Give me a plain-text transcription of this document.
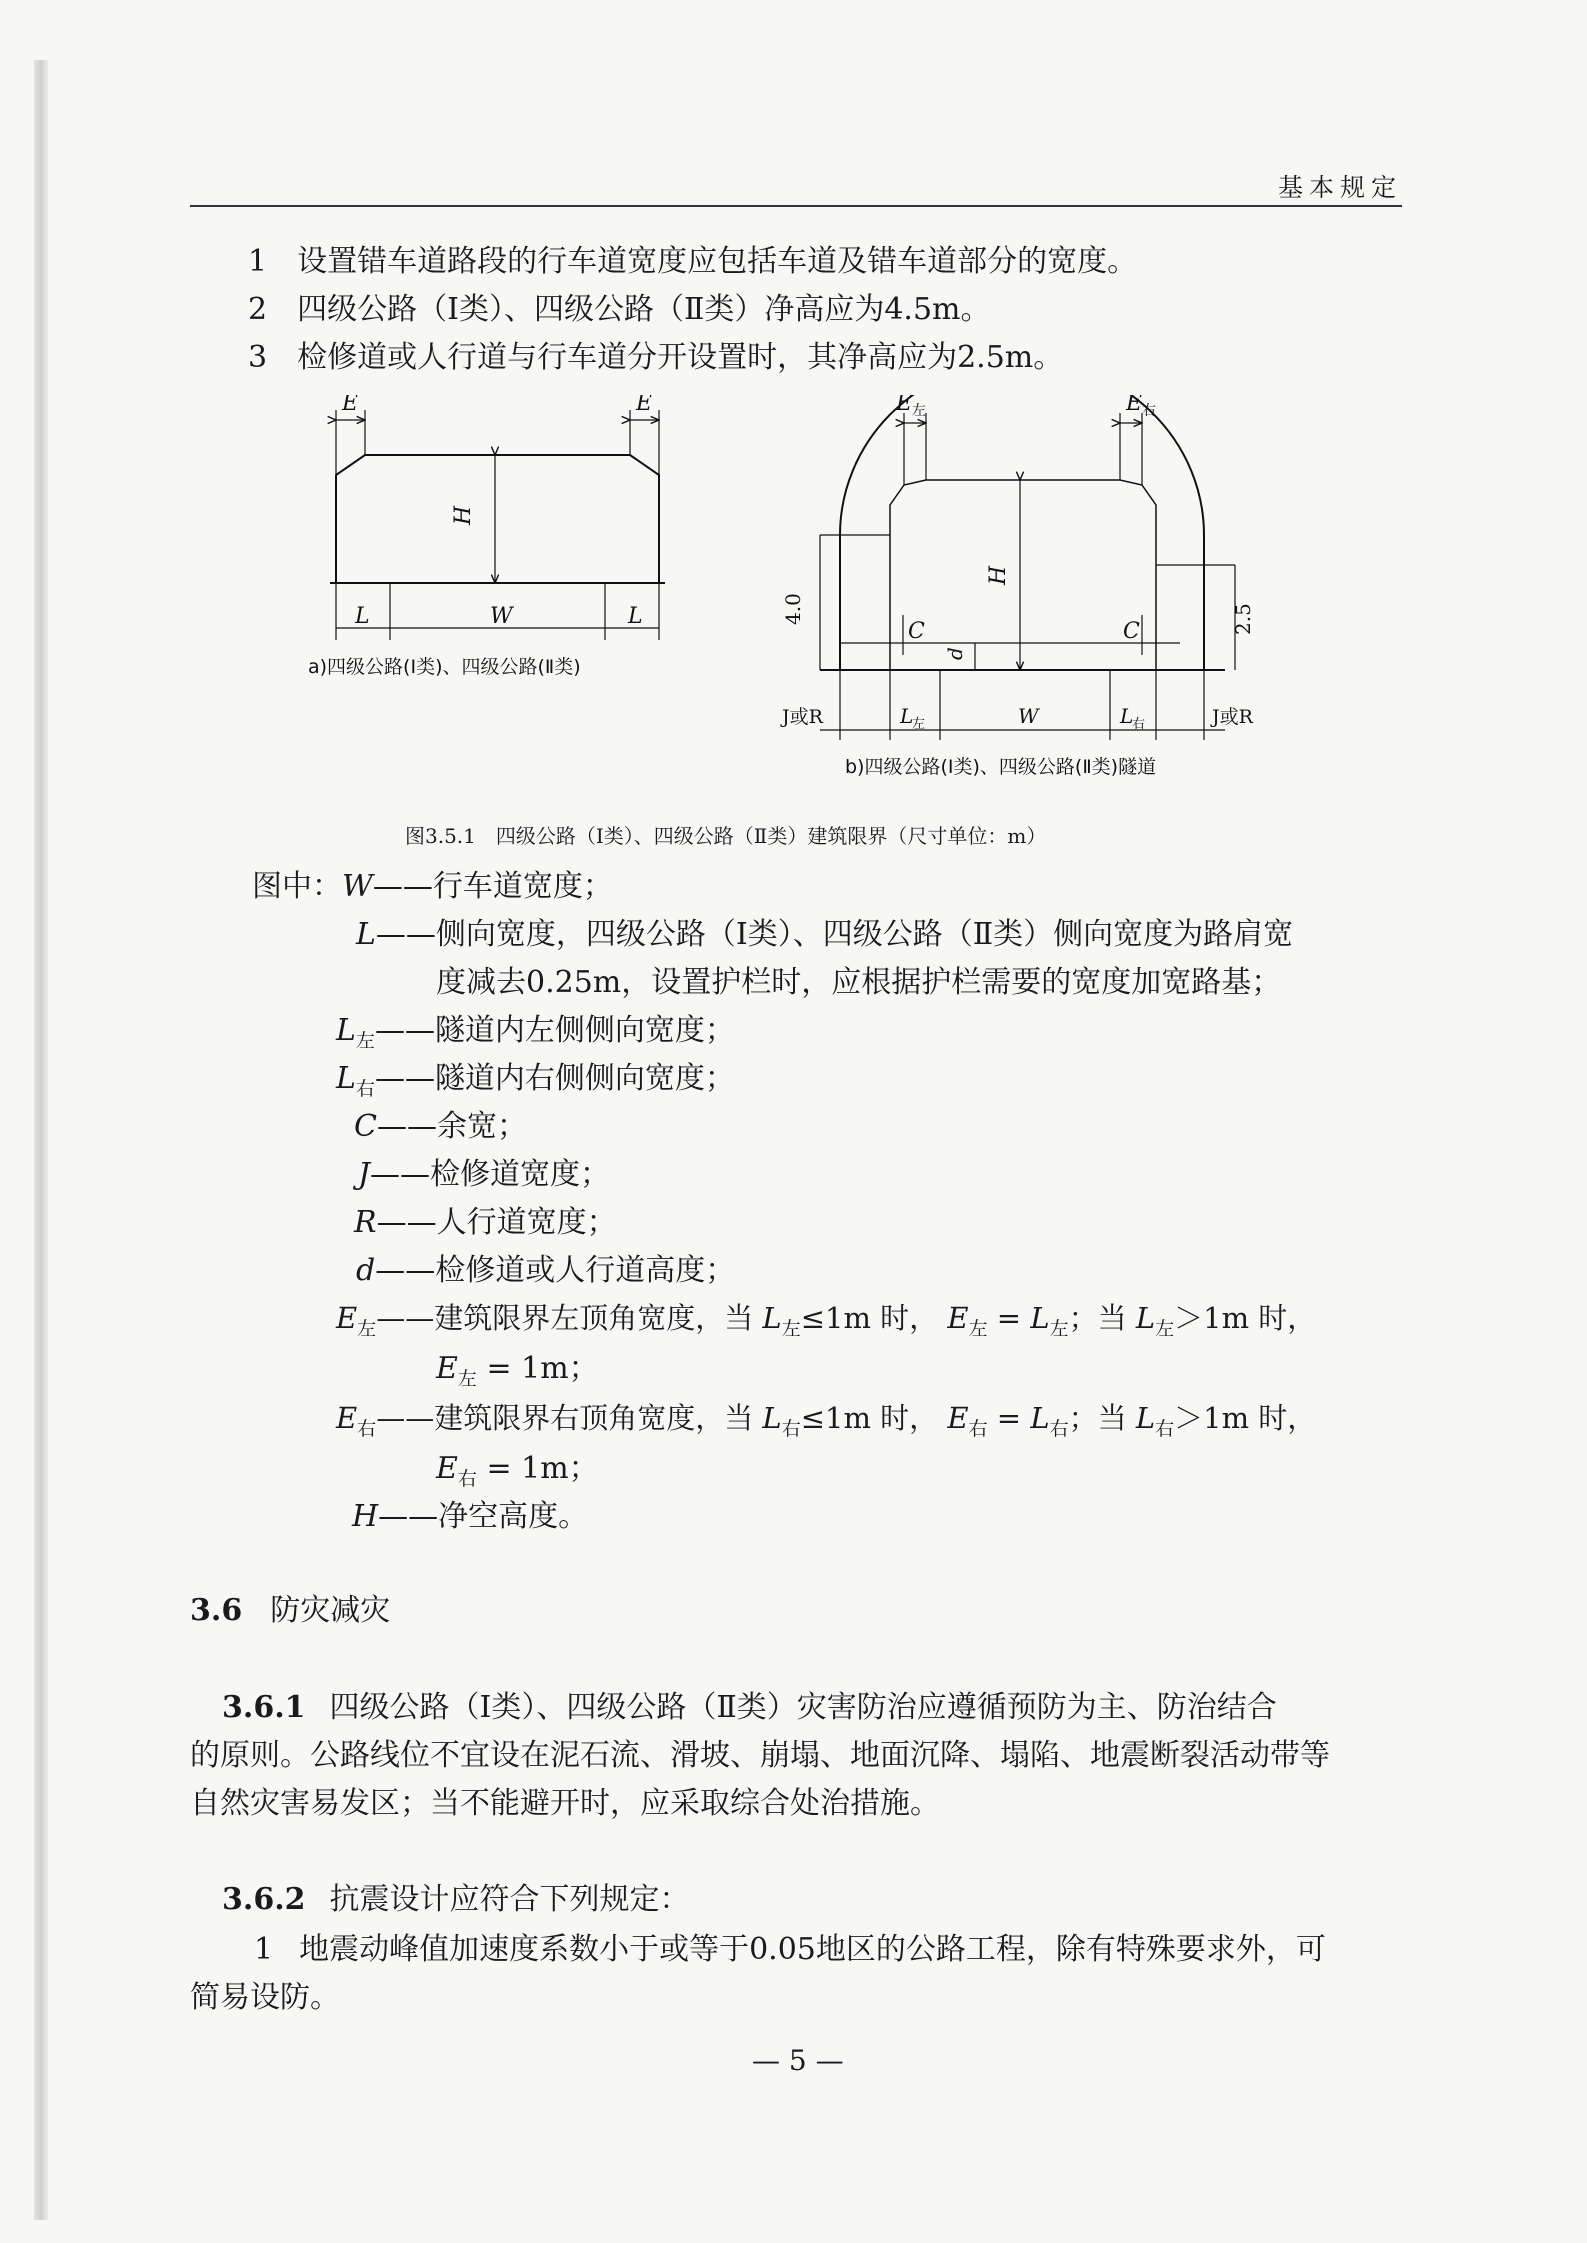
基本规定
1 设置错车道路段的行车道宽度应包括车道及错车道部分的宽度。
2 四级公路（Ⅰ类）、四级公路（Ⅱ类）净高应为4.5m。
3 检修道或人行道与行车道分开设置时，其净高应为2.5m。
E	E
H
L	W	L
a)四级公路(Ⅰ类)、四级公路(Ⅱ类)
E 左	E 右
H
4.0	2.5
C	C
d
J或R	L
左	W	L
右	J或R
b)四级公路(Ⅰ类)、四级公路(Ⅱ类)隧道
图3.5.1　四级公路（Ⅰ类）、四级公路（Ⅱ类）建筑限界（尺寸单位：m）
图中：W——行车道宽度；
L——侧向宽度，四级公路（Ⅰ类）、四级公路（Ⅱ类）侧向宽度为路肩宽
度减去0.25m，设置护栏时，应根据护栏需要的宽度加宽路基；
$L_左——$隧道内左侧侧向宽度；
$L_右——$隧道内右侧侧向宽度；
C——余宽；
J——检修道宽度；
R——人行道宽度；
d——检修道或人行道高度；
$E_左——$建筑限界左顶角宽度，当 $L_左\le 1m$ 时， $E_左 = L_左$；当 $L_左>1m$ 时，
$E_左 = 1m$；
$E_右——$建筑限界右顶角宽度，当 $L_右\le 1m$ 时， $E_右 = L_右$；当 $L_右>1m$ 时，
$E_右 = 1m$；
H——净空高度。
3.6 防灾减灾
3.6.1 四级公路（Ⅰ类）、四级公路（Ⅱ类）灾害防治应遵循预防为主、防治结合
的原则。公路线位不宜设在泥石流、滑坡、崩塌、地面沉降、塌陷、地震断裂活动带等
自然灾害易发区；当不能避开时，应采取综合处治措施。
3.6.2 抗震设计应符合下列规定：
1 地震动峰值加速度系数小于或等于0.05地区的公路工程，除有特殊要求外，可
简易设防。
— 5 —
